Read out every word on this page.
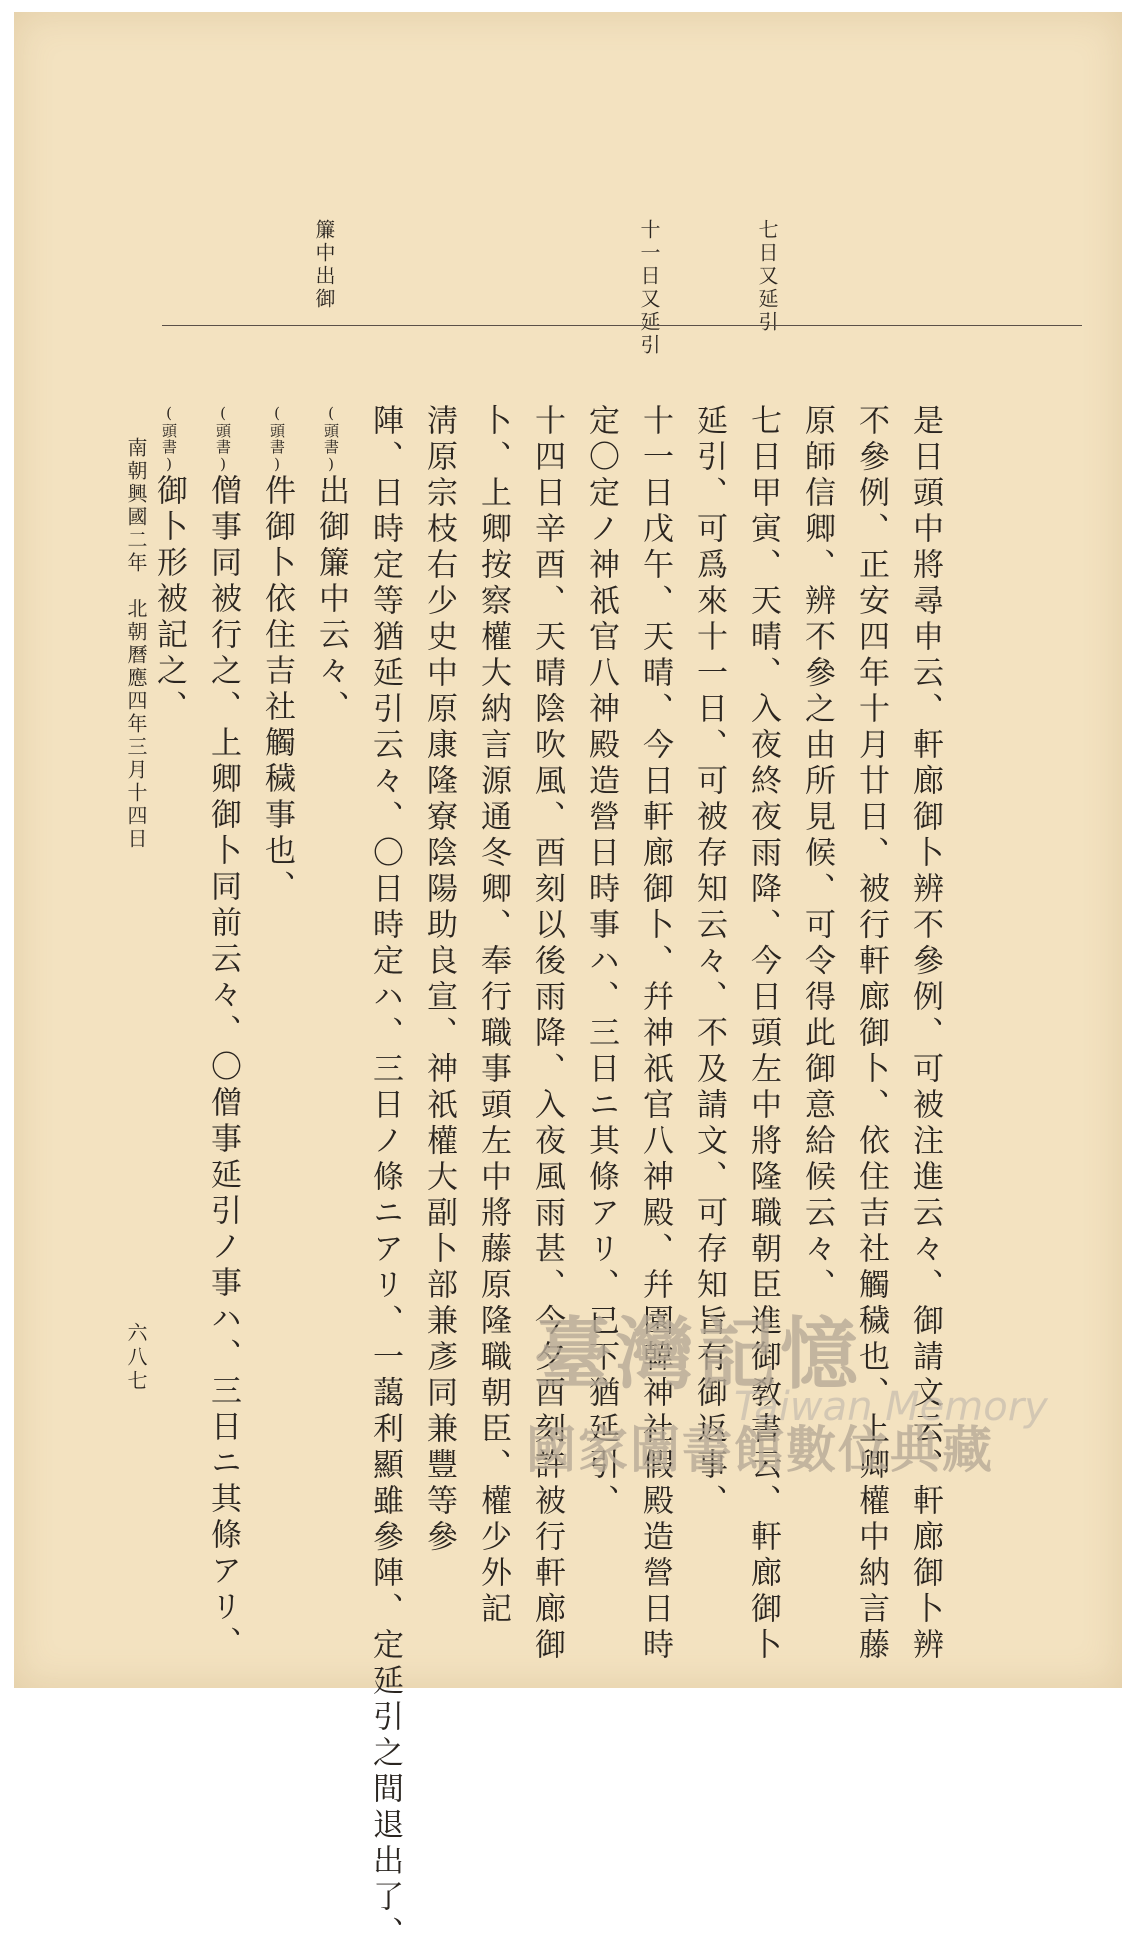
七日又延引
十一日又延引
簾中出御
是日頭中將尋申云、軒廊御卜辨不參例、可被注進云々、御請文云、軒廊御卜辨
不參例、正安四年十月廿日、被行軒廊御卜、依住吉社觸穢也、上卿權中納言藤
原師信卿、辨不參之由所見候、可令得此御意給候云々、
七日甲寅、天晴、入夜終夜雨降、今日頭左中將隆職朝臣進御敎書云、軒廊御卜
延引、可爲來十一日、可被存知云々、不及請文、可存知旨有御返事、
十一日戊午、天晴、今日軒廊御卜、幷神祇官八神殿、幷園韓神社假殿造營日時
定〇定ノ神祇官八神殿造營日時事ハ、三日ニ其條アリ、已下猶延引、
十四日辛酉、天晴陰吹風、酉刻以後雨降、入夜風雨甚、今夕酉刻許被行軒廊御
卜、上卿按察權大納言源通冬卿、奉行職事頭左中將藤原隆職朝臣、權少外記
淸原宗枝右少史中原康隆寮陰陽助良宣、神祇權大副卜部兼彥同兼豐等參
陣、日時定等猶延引云々、〇日時定ハ、三日ノ條ニアリ、一藹利顯雖參陣、定延引之間退出了、
(頭書)出御簾中云々、
(頭書)件御卜依住吉社觸穢事也、
(頭書)僧事同被行之、上卿御卜同前云々、〇僧事延引ノ事ハ、三日ニ其條アリ、
(頭書)御卜形被記之、
南朝興國二年　北朝曆應四年三月十四日
六八七	臺灣記憶
Taiwan Memory
國家圖書館數位典藏
